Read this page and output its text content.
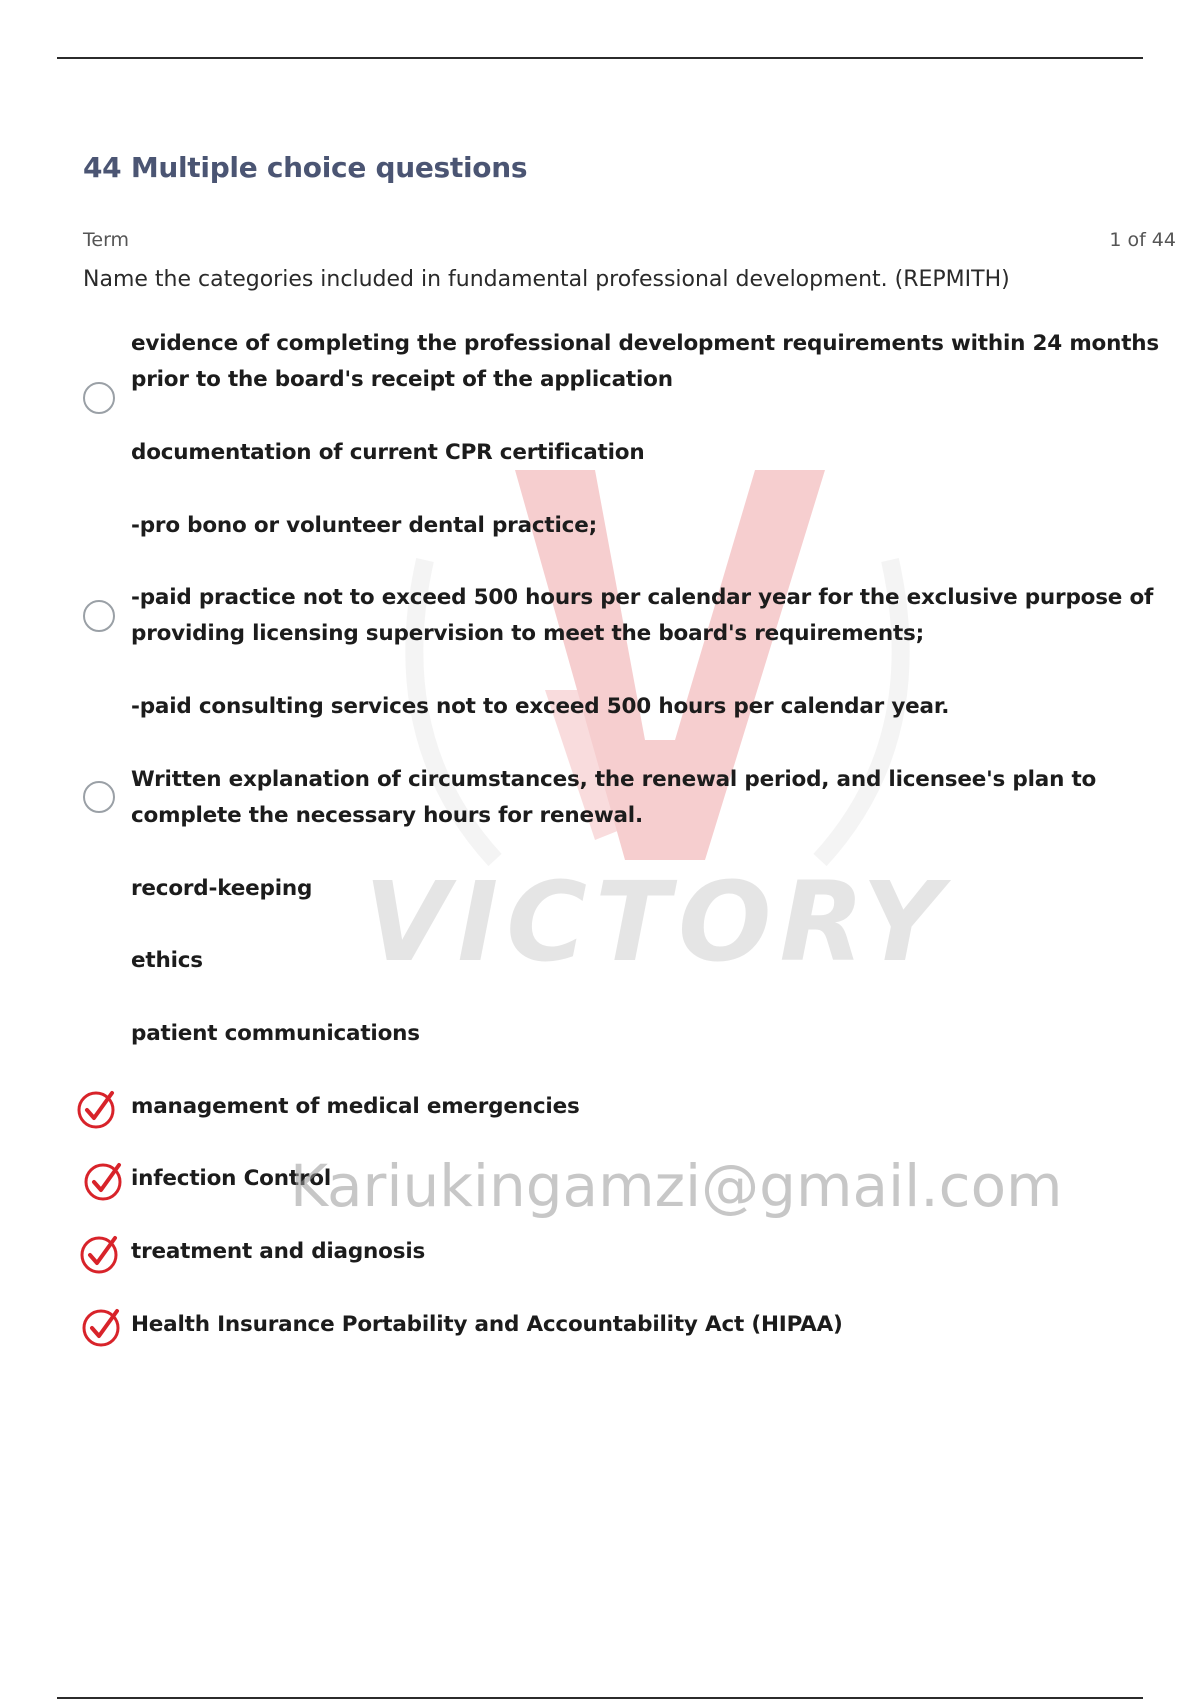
VICTORY
44 Multiple choice questions
Term	1 of 44
Name the categories included in fundamental professional development. (REPMITH)
evidence of completing the professional development requirements within 24 months prior to the board's receipt of the application
documentation of current CPR certification
-pro bono or volunteer dental practice;
-paid practice not to exceed 500 hours per calendar year for the exclusive purpose of providing licensing supervision to meet the board's requirements;
-paid consulting services not to exceed 500 hours per calendar year.
Written explanation of circumstances, the renewal period, and licensee's plan to complete the necessary hours for renewal.
record-keeping
ethics
patient communications
management of medical emergencies
infection Control
treatment and diagnosis
Health Insurance Portability and Accountability Act (HIPAA)
Kariukingamzi@gmail.com
